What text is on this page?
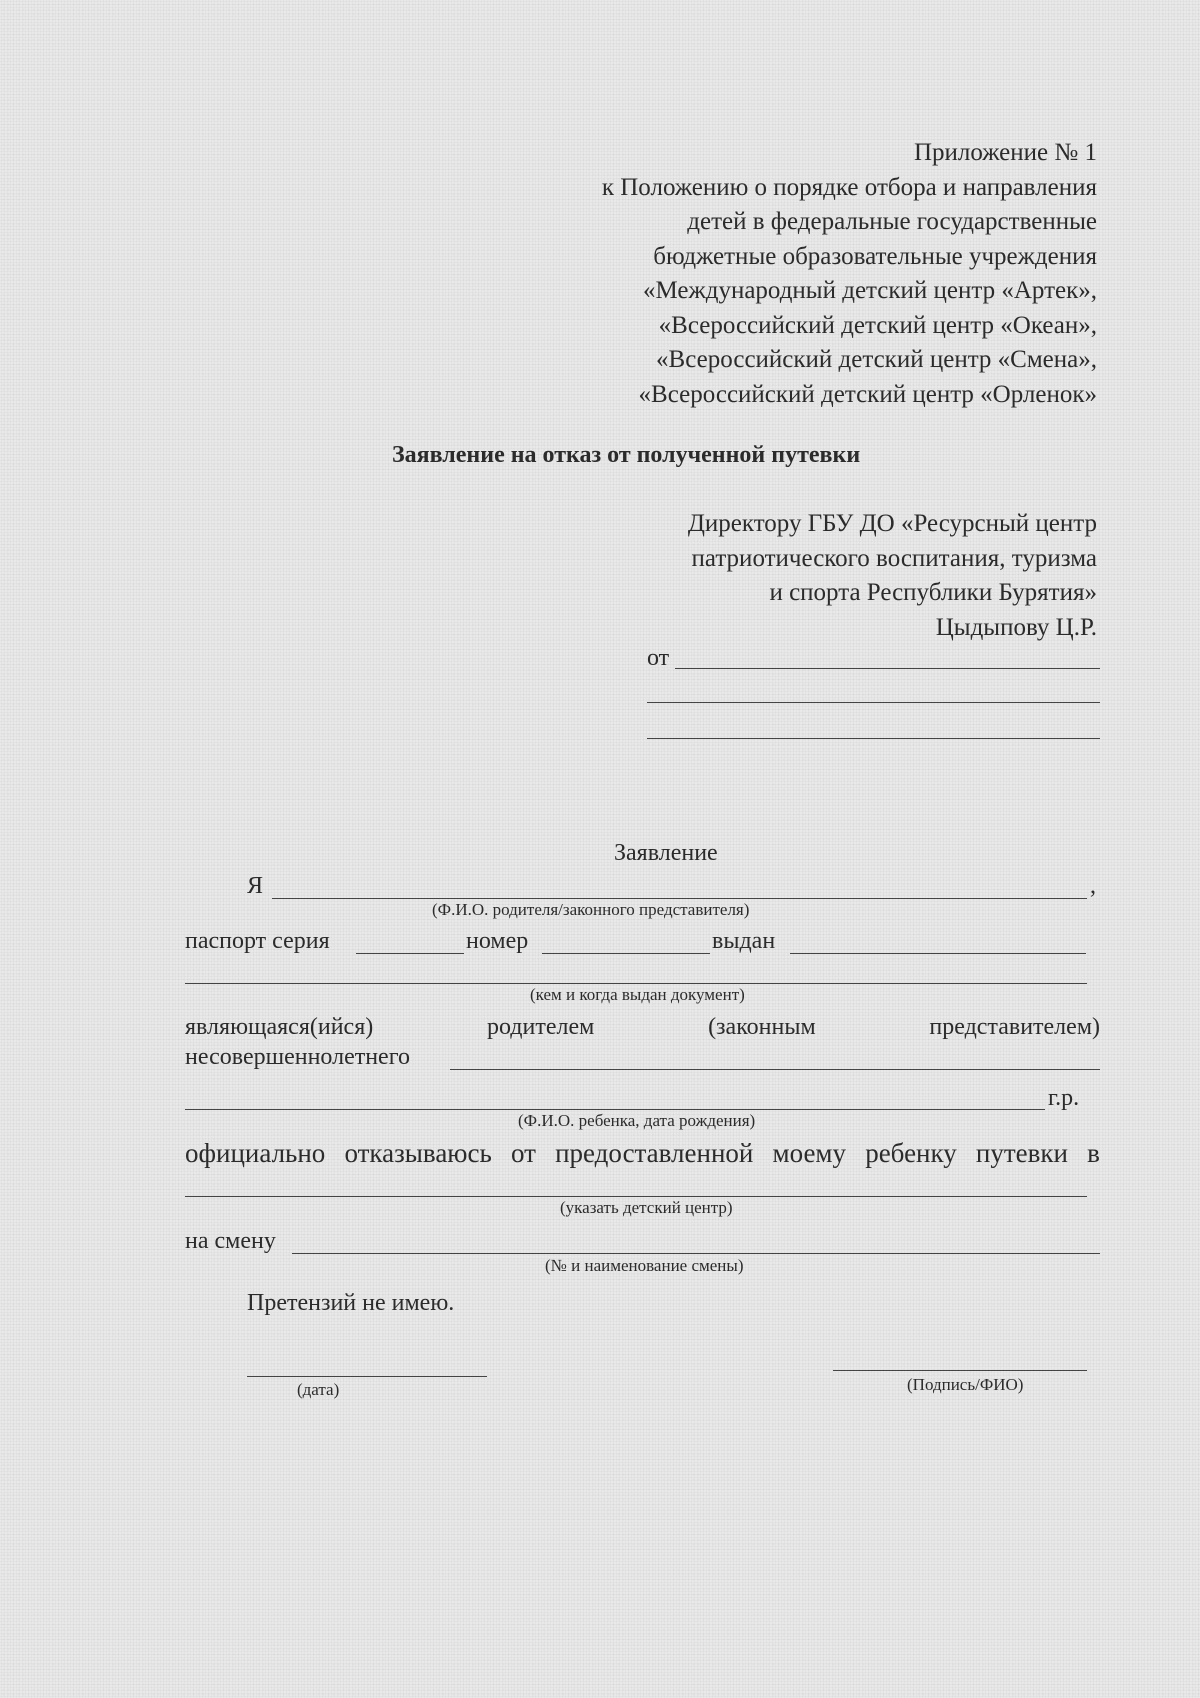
Приложение № 1
к Положению о порядке отбора и направления
детей в федеральные государственные
бюджетные образовательные учреждения
«Международный детский центр «Артек»,
«Всероссийский детский центр «Океан»,
«Всероссийский детский центр «Смена»,
«Всероссийский детский центр «Орленок»
Заявление на отказ от полученной путевки
Директору ГБУ ДО «Ресурсный центр
патриотического воспитания, туризма
и спорта Республики Бурятия»
Цыдыпову Ц.Р.
от
Заявление
Я	,
(Ф.И.О. родителя/законного представителя)
паспорт серия	номер	выдан
(кем и когда выдан документ)
являющаяся(ийся)	родителем	(законным	представителем)
несовершеннолетнего
г.р.
(Ф.И.О. ребенка, дата рождения)
официально отказываюсь от предоставленной моему ребенку путевки в
(указать детский центр)
на смену
(№ и наименование смены)
Претензий не имею.
(дата)	(Подпись/ФИО)
